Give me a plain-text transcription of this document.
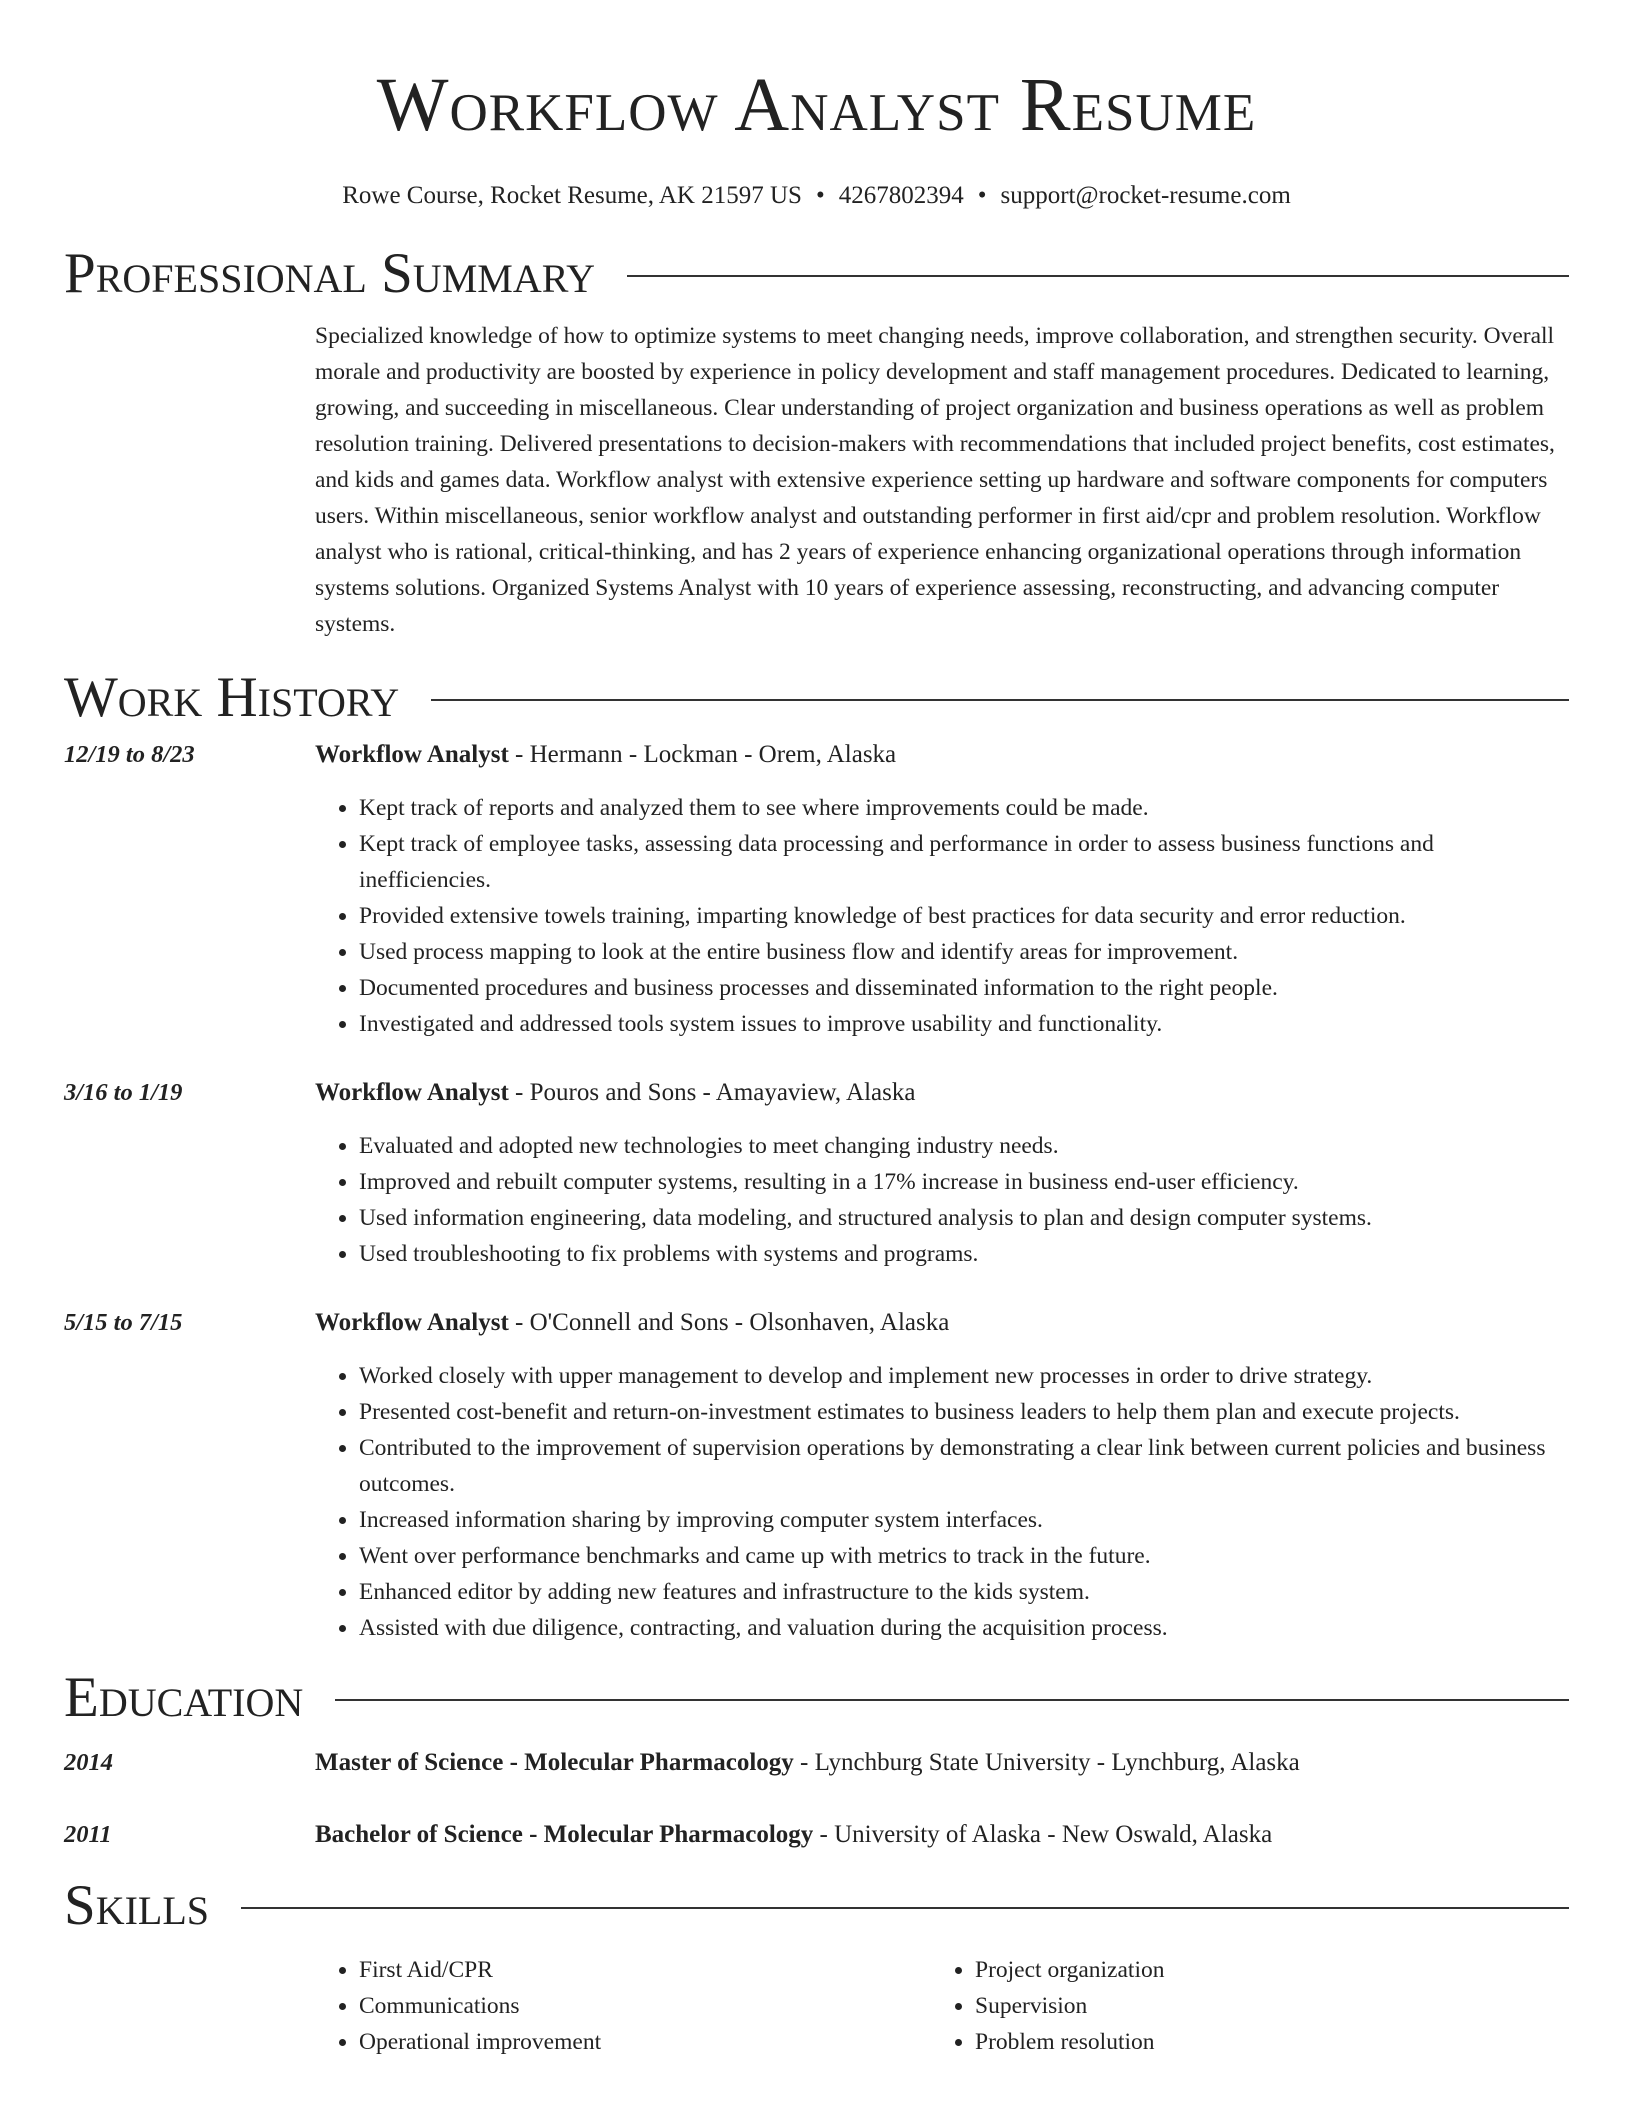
Workflow Analyst Resume
Rowe Course, Rocket Resume, AK 21597 US • 4267802394 • support@rocket-resume.com
Professional Summary

Specialized knowledge of how to optimize systems to meet changing needs, improve collaboration, and strengthen security. Overall morale and productivity are boosted by experience in policy development and staff management procedures. Dedicated to learning, growing, and succeeding in miscellaneous. Clear understanding of project organization and business operations as well as problem resolution training. Delivered presentations to decision-makers with recommendations that included project benefits, cost estimates, and kids and games data. Workflow analyst with extensive experience setting up hardware and software components for computers users. Within miscellaneous, senior workflow analyst and outstanding performer in first aid/cpr and problem resolution. Workflow analyst who is rational, critical-thinking, and has 2 years of experience enhancing organizational operations through information systems solutions. Organized Systems Analyst with 10 years of experience assessing, reconstructing, and advancing computer systems.

Work History
12/19 to 8/23	Workflow Analyst - Hermann - Lockman - Orem, Alaska
• Kept track of reports and analyzed them to see where improvements could be made.
• Kept track of employee tasks, assessing data processing and performance in order to assess business functions and inefficiencies.
• Provided extensive towels training, imparting knowledge of best practices for data security and error reduction.
• Used process mapping to look at the entire business flow and identify areas for improvement.
• Documented procedures and business processes and disseminated information to the right people.
• Investigated and addressed tools system issues to improve usability and functionality.
3/16 to 1/19	Workflow Analyst - Pouros and Sons - Amayaview, Alaska
• Evaluated and adopted new technologies to meet changing industry needs.
• Improved and rebuilt computer systems, resulting in a 17% increase in business end-user efficiency.
• Used information engineering, data modeling, and structured analysis to plan and design computer systems.
• Used troubleshooting to fix problems with systems and programs.
5/15 to 7/15	Workflow Analyst - O'Connell and Sons - Olsonhaven, Alaska
• Worked closely with upper management to develop and implement new processes in order to drive strategy.
• Presented cost-benefit and return-on-investment estimates to business leaders to help them plan and execute projects.
• Contributed to the improvement of supervision operations by demonstrating a clear link between current policies and business outcomes.
• Increased information sharing by improving computer system interfaces.
• Went over performance benchmarks and came up with metrics to track in the future.
• Enhanced editor by adding new features and infrastructure to the kids system.
• Assisted with due diligence, contracting, and valuation during the acquisition process.
Education
2014	Master of Science - Molecular Pharmacology - Lynchburg State University - Lynchburg, Alaska
2011	Bachelor of Science - Molecular Pharmacology - University of Alaska - New Oswald, Alaska
Skills
• First Aid/CPR
• Communications
• Operational improvement
• Project organization
• Supervision
• Problem resolution
